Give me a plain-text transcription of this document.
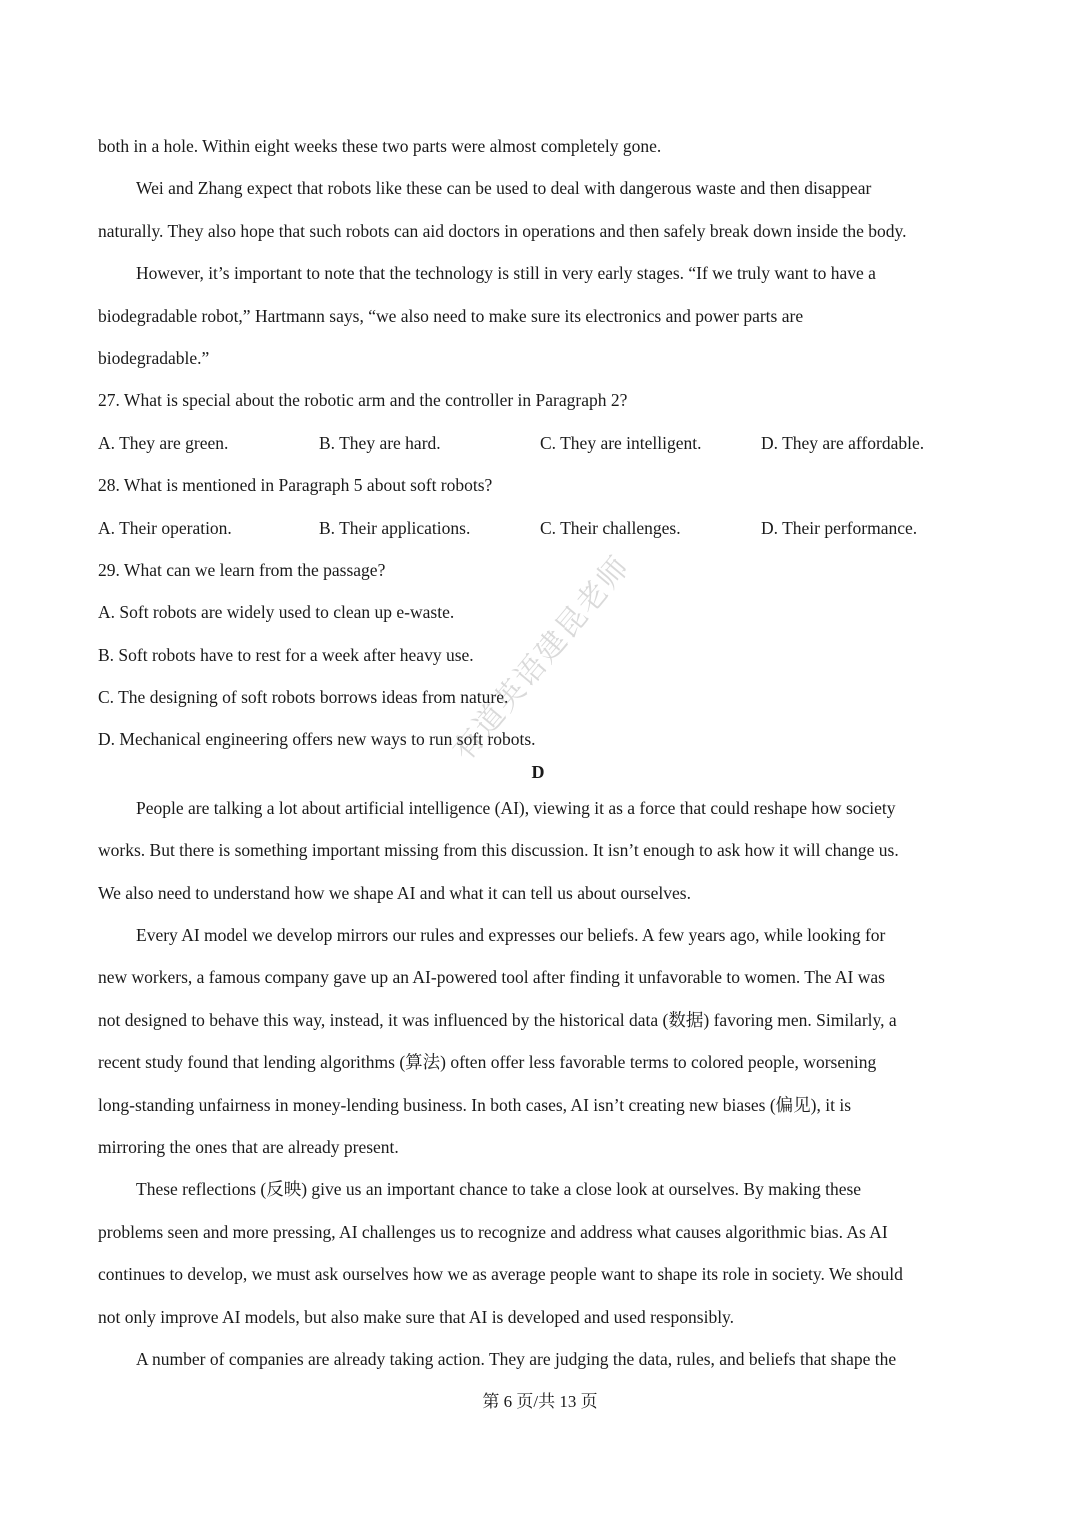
both in a hole. Within eight weeks these two parts were almost completely gone.
Wei and Zhang expect that robots like these can be used to deal with dangerous waste and then disappear
naturally. They also hope that such robots can aid doctors in operations and then safely break down inside the body.
However, it’s important to note that the technology is still in very early stages. “If we truly want to have a
biodegradable robot,” Hartmann says, “we also need to make sure its electronics and power parts are
biodegradable.”
27. What is special about the robotic arm and the controller in Paragraph 2?
A. They are green.	B. They are hard.	C. They are intelligent.	D. They are affordable.
28. What is mentioned in Paragraph 5 about soft robots?
A. Their operation.	B. Their applications.	C. Their challenges.	D. Their performance.
29. What can we learn from the passage?
A. Soft robots are widely used to clean up e-waste.
B. Soft robots have to rest for a week after heavy use.
C. The designing of soft robots borrows ideas from nature.
D. Mechanical engineering offers new ways to run soft robots.
D
People are talking a lot about artificial intelligence (AI), viewing it as a force that could reshape how society
works. But there is something important missing from this discussion. It isn’t enough to ask how it will change us.
We also need to understand how we shape AI and what it can tell us about ourselves.
Every AI model we develop mirrors our rules and expresses our beliefs. A few years ago, while looking for
new workers, a famous company gave up an AI-powered tool after finding it unfavorable to women. The AI was
not designed to behave this way, instead, it was influenced by the historical data (数据) favoring men. Similarly, a
recent study found that lending algorithms (算法) often offer less favorable terms to colored people, worsening
long-standing unfairness in money-lending business. In both cases, AI isn’t creating new biases (偏见), it is
mirroring the ones that are already present.
These reflections (反映) give us an important chance to take a close look at ourselves. By making these
problems seen and more pressing, AI challenges us to recognize and address what causes algorithmic bias. As AI
continues to develop, we must ask ourselves how we as average people want to shape its role in society. We should
not only improve AI models, but also make sure that AI is developed and used responsibly.
A number of companies are already taking action. They are judging the data, rules, and beliefs that shape the
有道英语建昆老师
第 6 页/共 13 页
